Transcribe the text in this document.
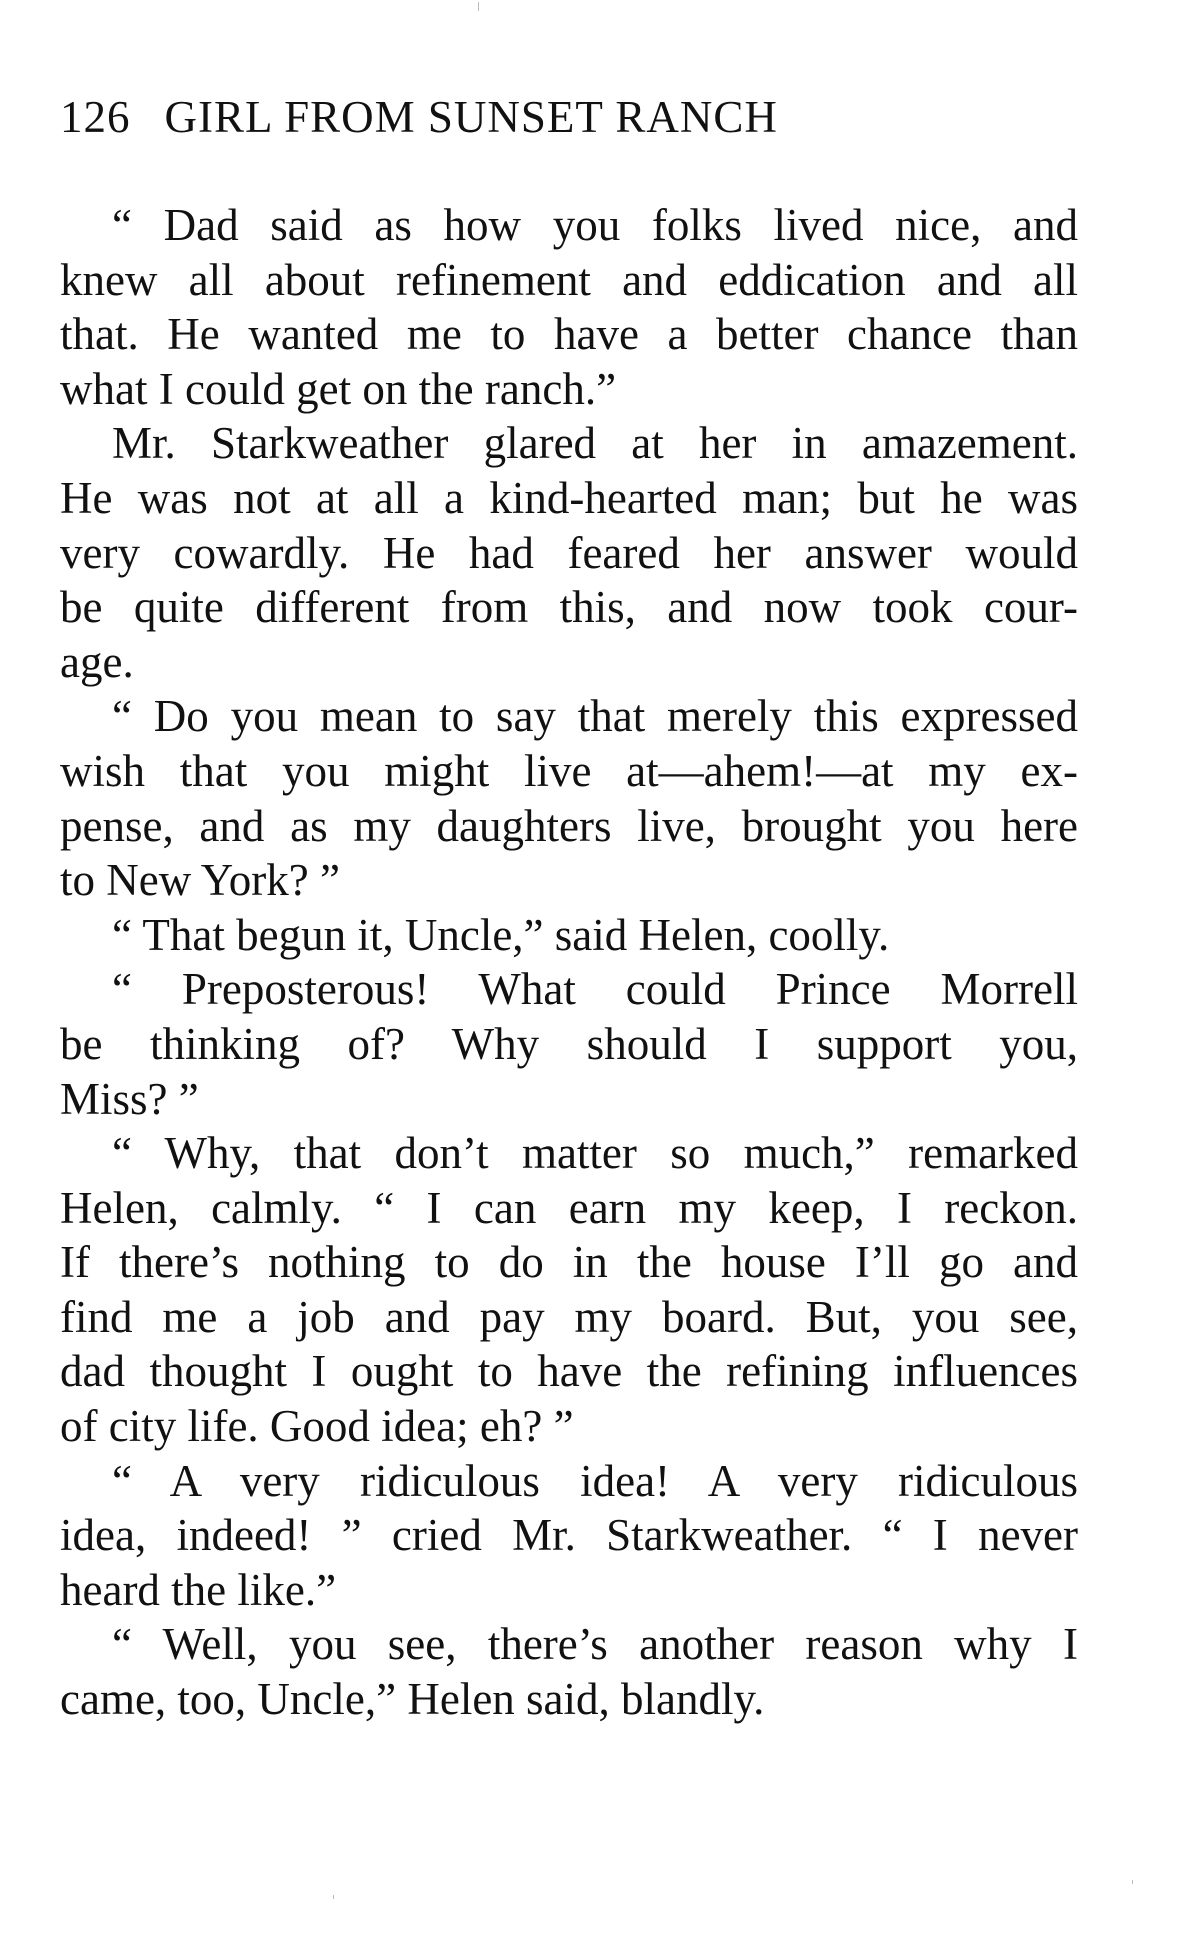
126 GIRL FROM SUNSET RANCH
“ Dad said as how you folks lived nice, and
knew all about refinement and eddication and all
that. He wanted me to have a better chance than
what I could get on the ranch.”
Mr. Starkweather glared at her in amazement.
He was not at all a kind-hearted man; but he was
very cowardly. He had feared her answer would
be quite different from this, and now took cour-
age.
“ Do you mean to say that merely this expressed
wish that you might live at—ahem!—at my ex-
pense, and as my daughters live, brought you here
to New York? ”
“ That begun it, Uncle,” said Helen, coolly.
“ Preposterous! What could Prince Morrell
be thinking of? Why should I support you,
Miss? ”
“ Why, that don’t matter so much,” remarked
Helen, calmly. “ I can earn my keep, I reckon.
If there’s nothing to do in the house I’ll go and
find me a job and pay my board. But, you see,
dad thought I ought to have the refining influences
of city life. Good idea; eh? ”
“ A very ridiculous idea! A very ridiculous
idea, indeed! ” cried Mr. Starkweather. “ I never
heard the like.”
“ Well, you see, there’s another reason why I
came, too, Uncle,” Helen said, blandly.
